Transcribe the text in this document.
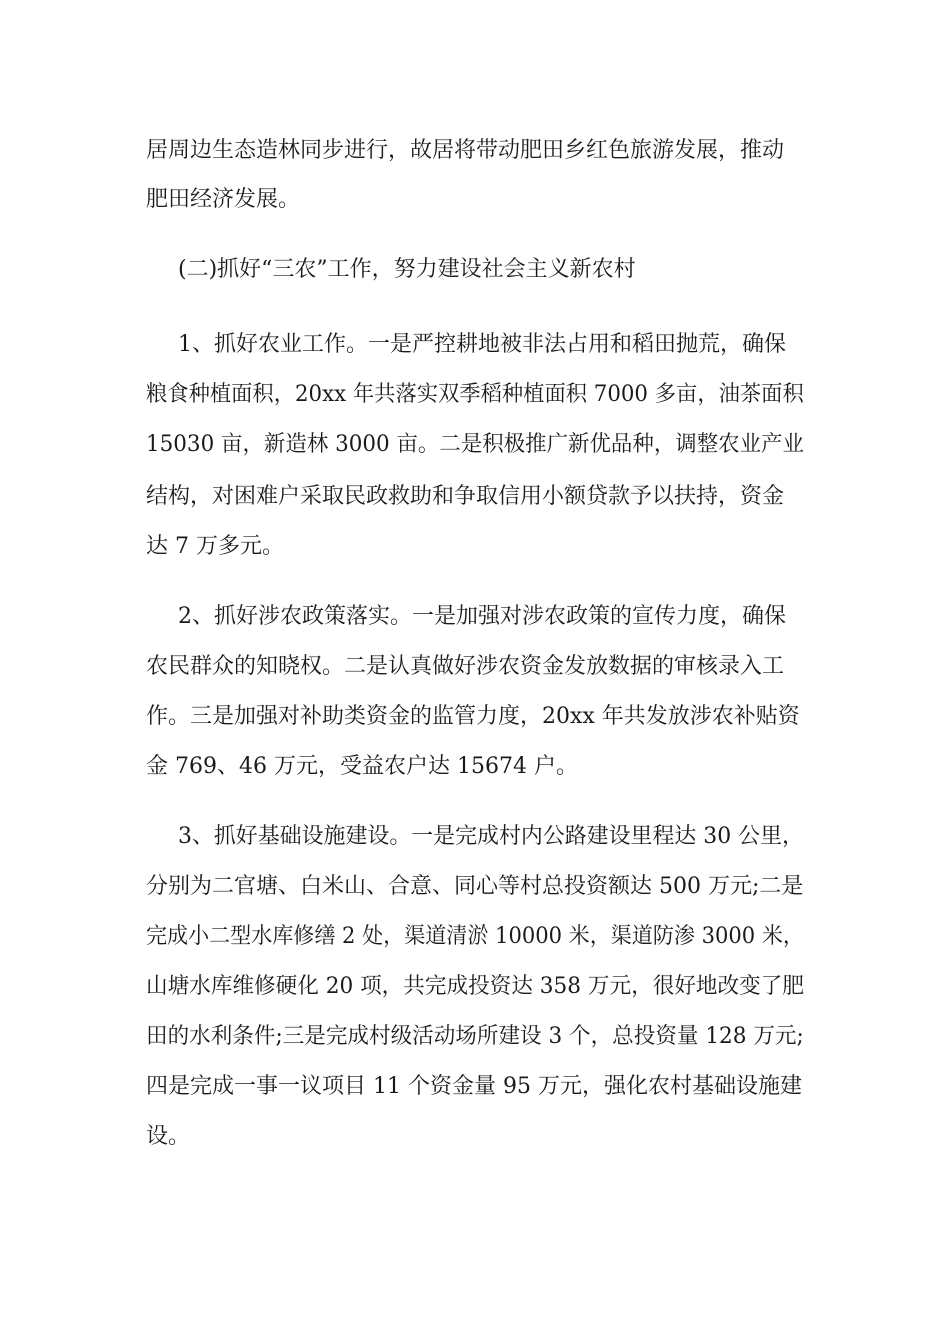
居周边生态造林同步进行，故居将带动肥田乡红色旅游发展，推动
肥田经济发展。
(二)抓好“三农”工作，努力建设社会主义新农村
1、抓好农业工作。一是严控耕地被非法占用和稻田抛荒，确保
粮食种植面积，20xx 年共落实双季稻种植面积 7000 多亩，油茶面积
15030 亩，新造林 3000 亩。二是积极推广新优品种，调整农业产业
结构，对困难户采取民政救助和争取信用小额贷款予以扶持，资金
达 7 万多元。
2、抓好涉农政策落实。一是加强对涉农政策的宣传力度，确保
农民群众的知晓权。二是认真做好涉农资金发放数据的审核录入工
作。三是加强对补助类资金的监管力度，20xx 年共发放涉农补贴资
金 769、46 万元，受益农户达 15674 户。
3、抓好基础设施建设。一是完成村内公路建设里程达 30 公里，
分别为二官塘、白米山、合意、同心等村总投资额达 500 万元;二是
完成小二型水库修缮 2 处，渠道清淤 10000 米，渠道防渗 3000 米，
山塘水库维修硬化 20 项，共完成投资达 358 万元，很好地改变了肥
田的水利条件;三是完成村级活动场所建设 3 个，总投资量 128 万元;
四是完成一事一议项目 11 个资金量 95 万元，强化农村基础设施建
设。
